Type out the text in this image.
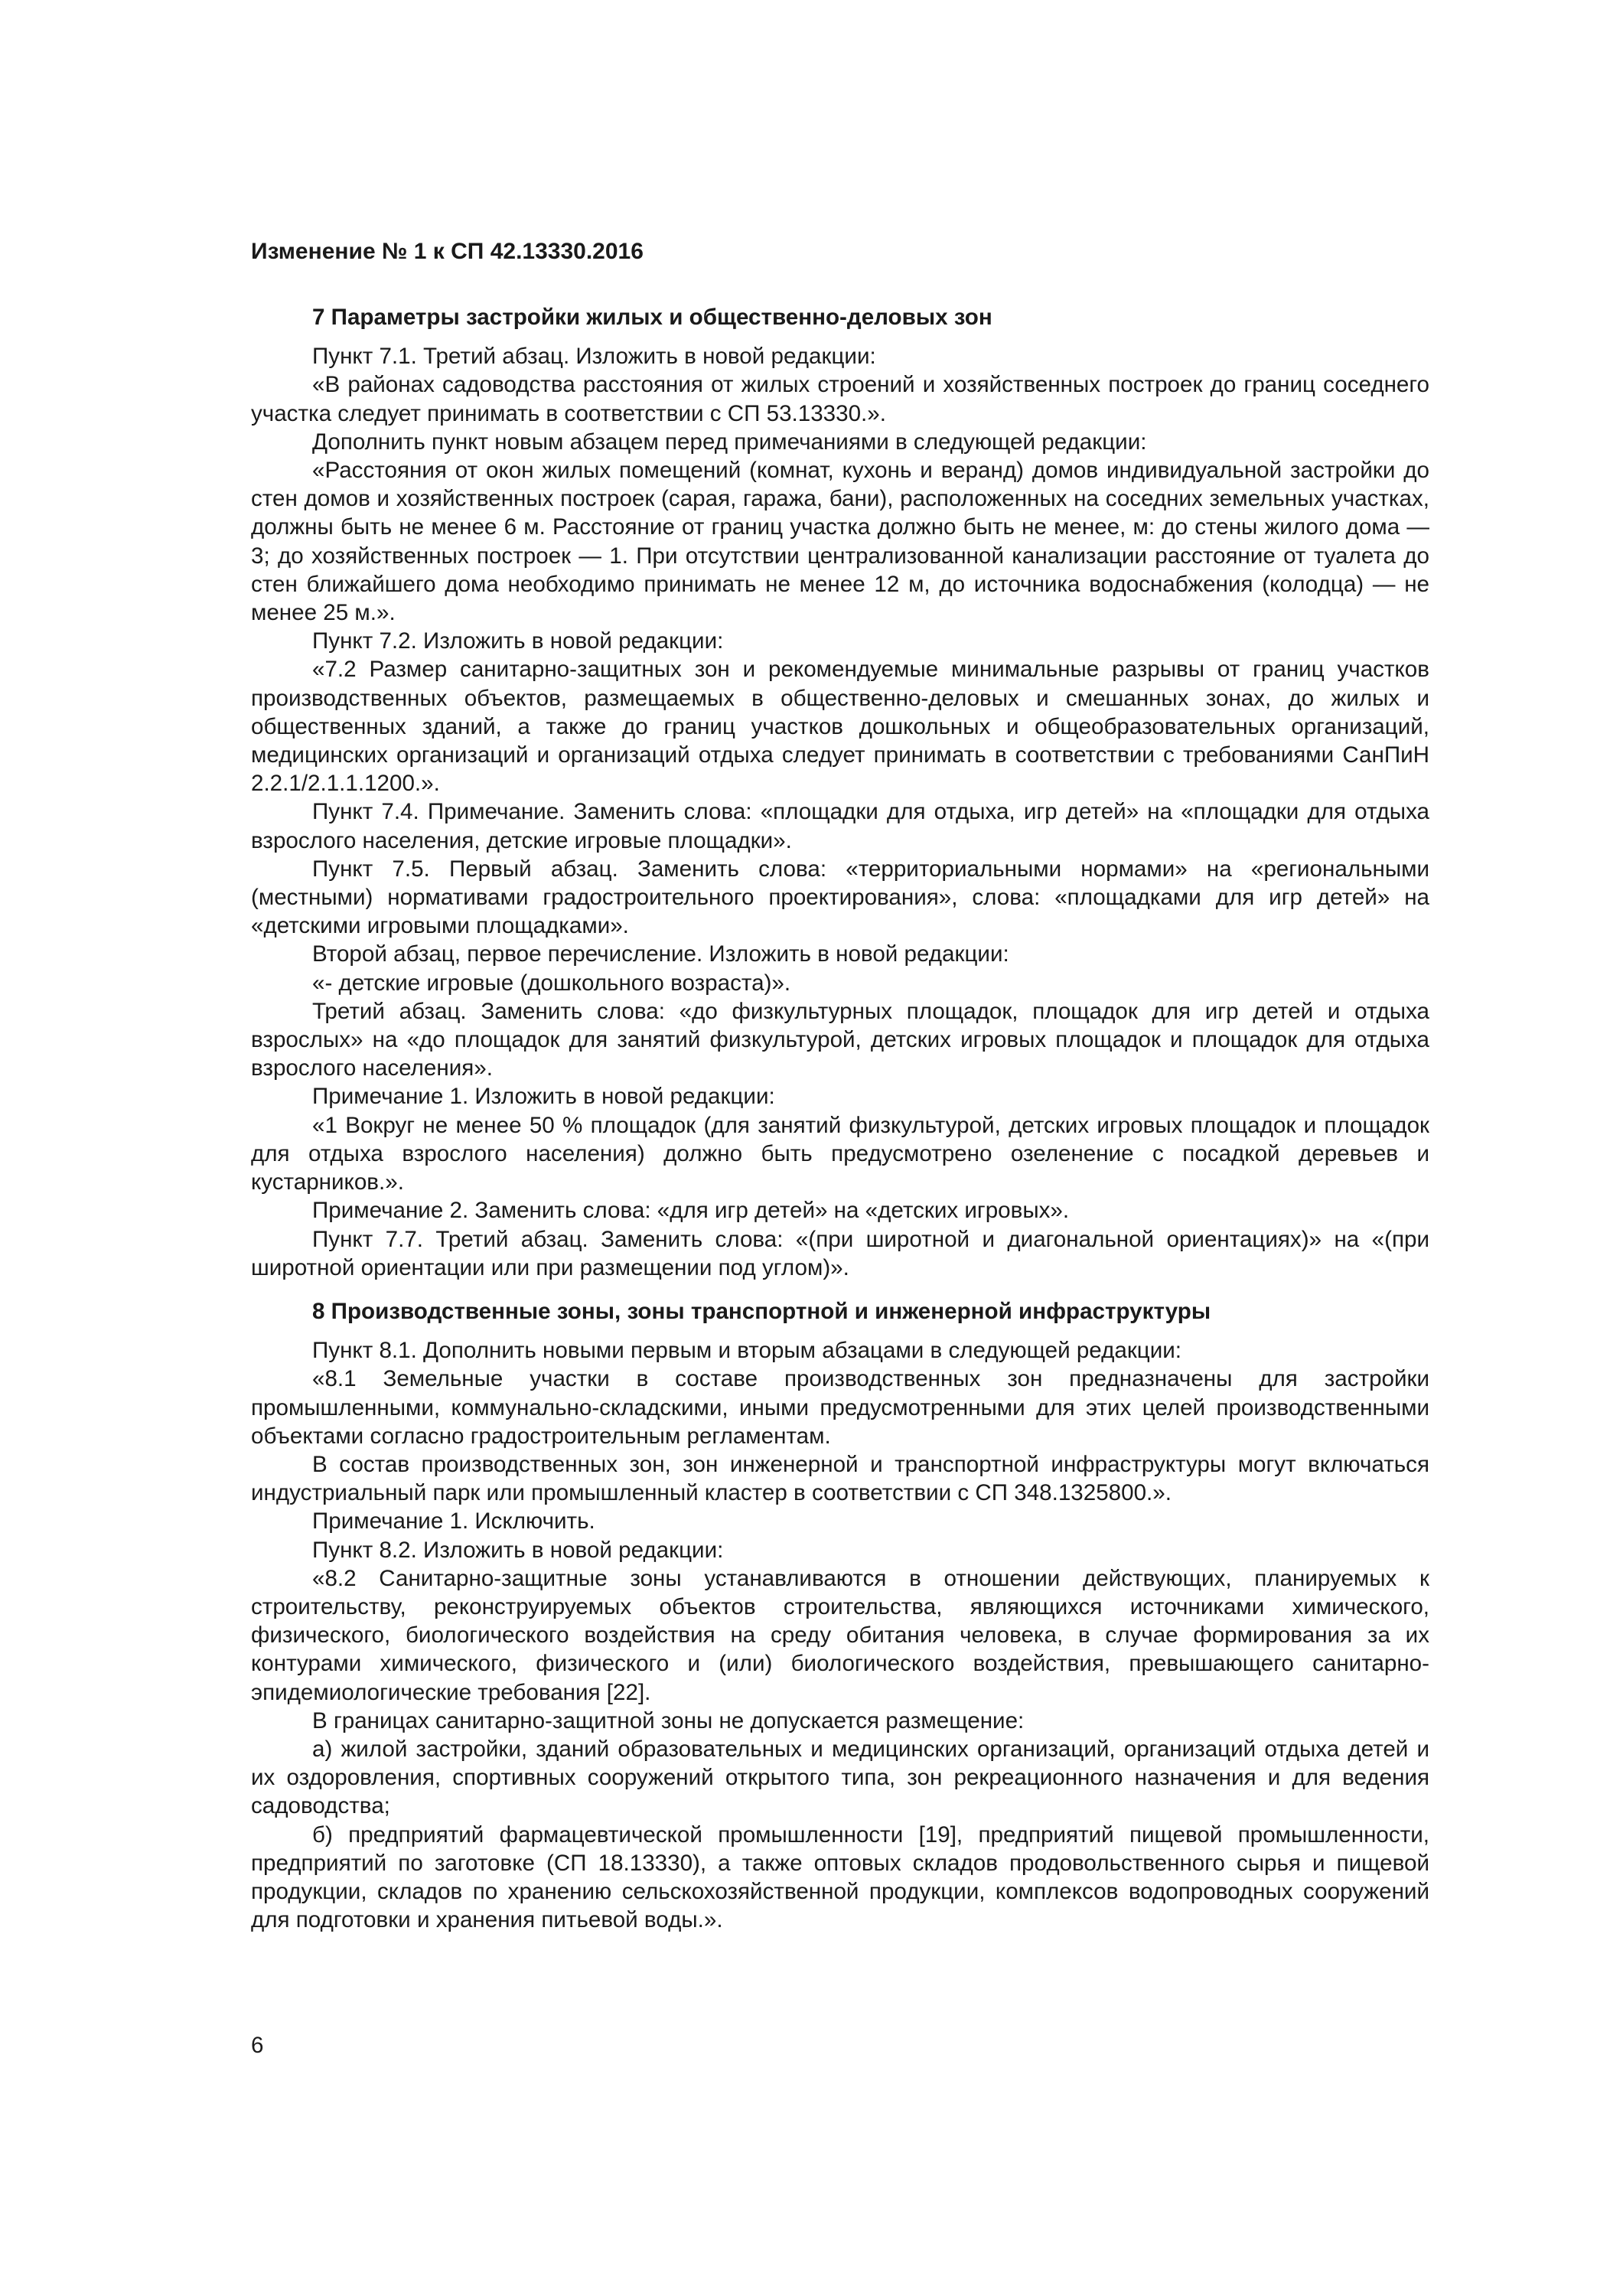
Изменение № 1 к СП 42.13330.2016
7 Параметры застройки жилых и общественно-деловых зон

Пункт 7.1. Третий абзац. Изложить в новой редакции:

«В районах садоводства расстояния от жилых строений и хозяйственных построек до границ соседнего участка следует принимать в соответствии с СП 53.13330.».

Дополнить пункт новым абзацем перед примечаниями в следующей редакции:

«Расстояния от окон жилых помещений (комнат, кухонь и веранд) домов индивидуальной застройки до стен домов и хозяйственных построек (сарая, гаража, бани), расположенных на соседних земельных участках, должны быть не менее 6 м. Расстояние от границ участка должно быть не менее, м: до стены жилого дома — 3; до хозяйственных построек — 1. При отсутствии централизованной канализации расстояние от туалета до стен ближайшего дома необходимо принимать не менее 12 м, до источника водоснабжения (колодца) — не менее 25 м.».

Пункт 7.2. Изложить в новой редакции:

«7.2 Размер санитарно-защитных зон и рекомендуемые минимальные разрывы от границ участков производственных объектов, размещаемых в общественно-деловых и смешанных зонах, до жилых и общественных зданий, а также до границ участков дошкольных и общеобразовательных организаций, медицинских организаций и организаций отдыха следует принимать в соответствии с требованиями СанПиН 2.2.1/2.1.1.1200.».

Пункт 7.4. Примечание. Заменить слова: «площадки для отдыха, игр детей» на «площадки для отдыха взрослого населения, детские игровые площадки».

Пункт 7.5. Первый абзац. Заменить слова: «территориальными нормами» на «региональными (местными) нормативами градостроительного проектирования», слова: «площадками для игр детей» на «детскими игровыми площадками».

Второй абзац, первое перечисление. Изложить в новой редакции:

«- детские игровые (дошкольного возраста)».

Третий абзац. Заменить слова: «до физкультурных площадок, площадок для игр детей и отдыха взрослых» на «до площадок для занятий физкультурой, детских игровых площадок и площадок для отдыха взрослого населения».

Примечание 1. Изложить в новой редакции:

«1 Вокруг не менее 50 % площадок (для занятий физкультурой, детских игровых площадок и площадок для отдыха взрослого населения) должно быть предусмотрено озеленение с посадкой деревьев и кустарников.».

Примечание 2. Заменить слова: «для игр детей» на «детских игровых».

Пункт 7.7. Третий абзац. Заменить слова: «(при широтной и диагональной ориентациях)» на «(при широтной ориентации или при размещении под углом)».

8 Производственные зоны, зоны транспортной и инженерной инфраструктуры

Пункт 8.1. Дополнить новыми первым и вторым абзацами в следующей редакции:

«8.1 Земельные участки в составе производственных зон предназначены для застройки промышленными, коммунально-складскими, иными предусмотренными для этих целей производственными объектами согласно градостроительным регламентам.

В состав производственных зон, зон инженерной и транспортной инфраструктуры могут включаться индустриальный парк или промышленный кластер в соответствии с СП 348.1325800.».

Примечание 1. Исключить.

Пункт 8.2. Изложить в новой редакции:

«8.2 Санитарно-защитные зоны устанавливаются в отношении действующих, планируемых к строительству, реконструируемых объектов строительства, являющихся источниками химического, физического, биологического воздействия на среду обитания человека, в случае формирования за их контурами химического, физического и (или) биологического воздействия, превышающего санитарно-эпидемиологические требования [22].

В границах санитарно-защитной зоны не допускается размещение:

а) жилой застройки, зданий образовательных и медицинских организаций, организаций отдыха детей и их оздоровления, спортивных сооружений открытого типа, зон рекреационного назначения и для ведения садоводства;

б) предприятий фармацевтической промышленности [19], предприятий пищевой промышленности, предприятий по заготовке (СП 18.13330), а также оптовых складов продовольственного сырья и пищевой продукции, складов по хранению сельскохозяйственной продукции, комплексов водопроводных сооружений для подготовки и хранения питьевой воды.».

6
